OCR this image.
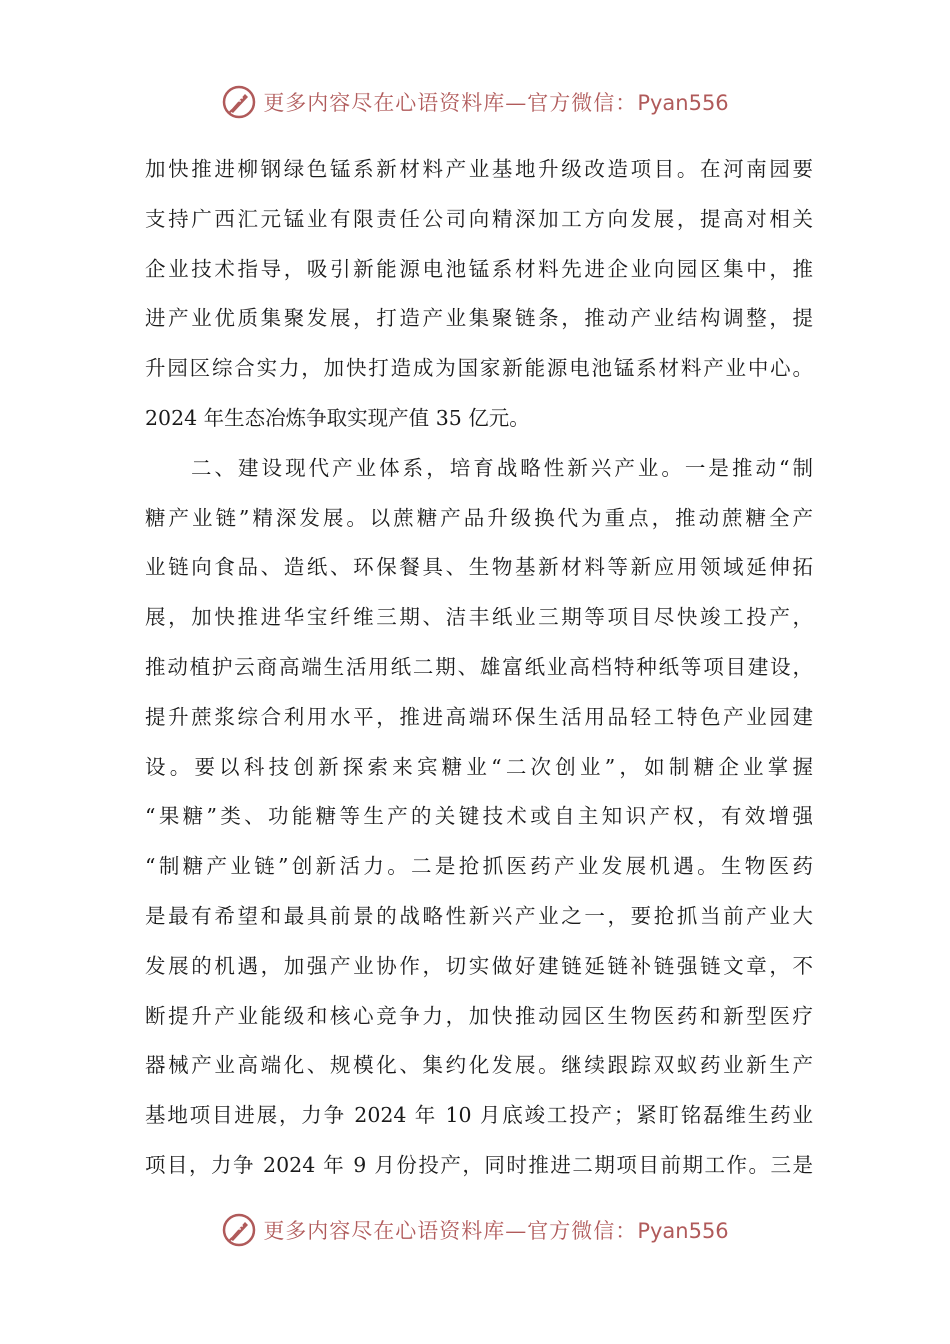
更多内容尽在心语资料库—官方微信：Pyan556
加快推进柳钢绿色锰系新材料产业基地升级改造项目。在河南园要
支持广西汇元锰业有限责任公司向精深加工方向发展，提高对相关
企业技术指导，吸引新能源电池锰系材料先进企业向园区集中，推
进产业优质集聚发展，打造产业集聚链条，推动产业结构调整，提
升园区综合实力，加快打造成为国家新能源电池锰系材料产业中心。
2024 年生态冶炼争取实现产值 35 亿元。
二、建设现代产业体系，培育战略性新兴产业。一是推动“制
糖产业链”精深发展。以蔗糖产品升级换代为重点，推动蔗糖全产
业链向食品、造纸、环保餐具、生物基新材料等新应用领域延伸拓
展，加快推进华宝纤维三期、洁丰纸业三期等项目尽快竣工投产，
推动植护云商高端生活用纸二期、雄富纸业高档特种纸等项目建设，
提升蔗浆综合利用水平，推进高端环保生活用品轻工特色产业园建
设。要以科技创新探索来宾糖业“二次创业”，如制糖企业掌握
“果糖”类、功能糖等生产的关键技术或自主知识产权，有效增强
“制糖产业链”创新活力。二是抢抓医药产业发展机遇。生物医药
是最有希望和最具前景的战略性新兴产业之一，要抢抓当前产业大
发展的机遇，加强产业协作，切实做好建链延链补链强链文章，不
断提升产业能级和核心竞争力，加快推动园区生物医药和新型医疗
器械产业高端化、规模化、集约化发展。继续跟踪双蚁药业新生产
基地项目进展，力争 2024 年 10 月底竣工投产；紧盯铭磊维生药业
项目，力争 2024 年 9 月份投产，同时推进二期项目前期工作。三是
更多内容尽在心语资料库—官方微信：Pyan556
